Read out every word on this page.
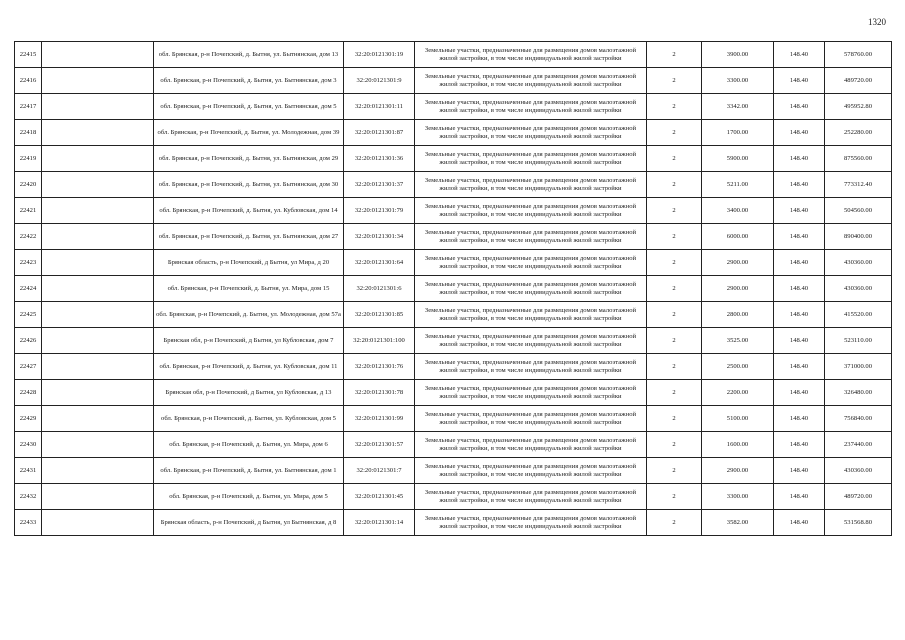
1320
22415		обл. Брянская, р-н Почепский, д. Бытня, ул. Бытнянская, дом 13	32:20:0121301:19	Земельные участки, предназначенные для размещения домов малоэтажной жилой застройки, в том числе индивидуальной жилой застройки	2	3900.00	148.40	578760.00
22416		обл. Брянская, р-н Почепский, д. Бытня, ул. Бытнянская, дом 3	32:20:0121301:9	Земельные участки, предназначенные для размещения домов малоэтажной жилой застройки, в том числе индивидуальной жилой застройки	2	3300.00	148.40	489720.00
22417		обл. Брянская, р-н Почепский, д. Бытня, ул. Бытнянская, дом 5	32:20:0121301:11	Земельные участки, предназначенные для размещения домов малоэтажной жилой застройки, в том числе индивидуальной жилой застройки	2	3342.00	148.40	495952.80
22418		обл. Брянская, р-н Почепский, д. Бытня, ул. Молодежная, дом 39	32:20:0121301:87	Земельные участки, предназначенные для размещения домов малоэтажной жилой застройки, в том числе индивидуальной жилой застройки	2	1700.00	148.40	252280.00
22419		обл. Брянская, р-н Почепский, д. Бытня, ул. Бытнянская, дом 29	32:20:0121301:36	Земельные участки, предназначенные для размещения домов малоэтажной жилой застройки, в том числе индивидуальной жилой застройки	2	5900.00	148.40	875560.00
22420		обл. Брянская, р-н Почепский, д. Бытня, ул. Бытнянская, дом 30	32:20:0121301:37	Земельные участки, предназначенные для размещения домов малоэтажной жилой застройки, в том числе индивидуальной жилой застройки	2	5211.00	148.40	773312.40
22421		обл. Брянская, р-н Почепский, д. Бытня, ул. Кубловская, дом 14	32:20:0121301:79	Земельные участки, предназначенные для размещения домов малоэтажной жилой застройки, в том числе индивидуальной жилой застройки	2	3400.00	148.40	504560.00
22422		обл. Брянская, р-н Почепский, д. Бытня, ул. Бытнянская, дом 27	32:20:0121301:34	Земельные участки, предназначенные для размещения домов малоэтажной жилой застройки, в том числе индивидуальной жилой застройки	2	6000.00	148.40	890400.00
22423		Брянская область, р-н Почепский, д Бытня, ул Мира, д 20	32:20:0121301:64	Земельные участки, предназначенные для размещения домов малоэтажной жилой застройки, в том числе индивидуальной жилой застройки	2	2900.00	148.40	430360.00
22424		обл. Брянская, р-н Почепский, д. Бытня, ул. Мира, дом 15	32:20:0121301:6	Земельные участки, предназначенные для размещения домов малоэтажной жилой застройки, в том числе индивидуальной жилой застройки	2	2900.00	148.40	430360.00
22425		обл. Брянская, р-н Почепский, д. Бытня, ул. Молодежная, дом 57а	32:20:0121301:85	Земельные участки, предназначенные для размещения домов малоэтажной жилой застройки, в том числе индивидуальной жилой застройки	2	2800.00	148.40	415520.00
22426		Брянская обл, р-н Почепский, д Бытня, ул Кубловская, дом 7	32:20:0121301:100	Земельные участки, предназначенные для размещения домов малоэтажной жилой застройки, в том числе индивидуальной жилой застройки	2	3525.00	148.40	523110.00
22427		обл. Брянская, р-н Почепский, д. Бытня, ул. Кубловская, дом 11	32:20:0121301:76	Земельные участки, предназначенные для размещения домов малоэтажной жилой застройки, в том числе индивидуальной жилой застройки	2	2500.00	148.40	371000.00
22428		Брянская обл, р-н Почепский, д Бытня, ул Кубловская, д 13	32:20:0121301:78	Земельные участки, предназначенные для размещения домов малоэтажной жилой застройки, в том числе индивидуальной жилой застройки	2	2200.00	148.40	326480.00
22429		обл. Брянская, р-н Почепский, д. Бытня, ул. Кубловская, дом 5	32:20:0121301:99	Земельные участки, предназначенные для размещения домов малоэтажной жилой застройки, в том числе индивидуальной жилой застройки	2	5100.00	148.40	756840.00
22430		обл. Брянская, р-н Почепский, д. Бытня, ул. Мира, дом 6	32:20:0121301:57	Земельные участки, предназначенные для размещения домов малоэтажной жилой застройки, в том числе индивидуальной жилой застройки	2	1600.00	148.40	237440.00
22431		обл. Брянская, р-н Почепский, д. Бытня, ул. Бытнянская, дом 1	32:20:0121301:7	Земельные участки, предназначенные для размещения домов малоэтажной жилой застройки, в том числе индивидуальной жилой застройки	2	2900.00	148.40	430360.00
22432		обл. Брянская, р-н Почепский, д. Бытня, ул. Мира, дом 5	32:20:0121301:45	Земельные участки, предназначенные для размещения домов малоэтажной жилой застройки, в том числе индивидуальной жилой застройки	2	3300.00	148.40	489720.00
22433		Брянская область, р-н Почепский, д Бытня, ул Бытнянская, д 8	32:20:0121301:14	Земельные участки, предназначенные для размещения домов малоэтажной жилой застройки, в том числе индивидуальной жилой застройки	2	3582.00	148.40	531568.80
